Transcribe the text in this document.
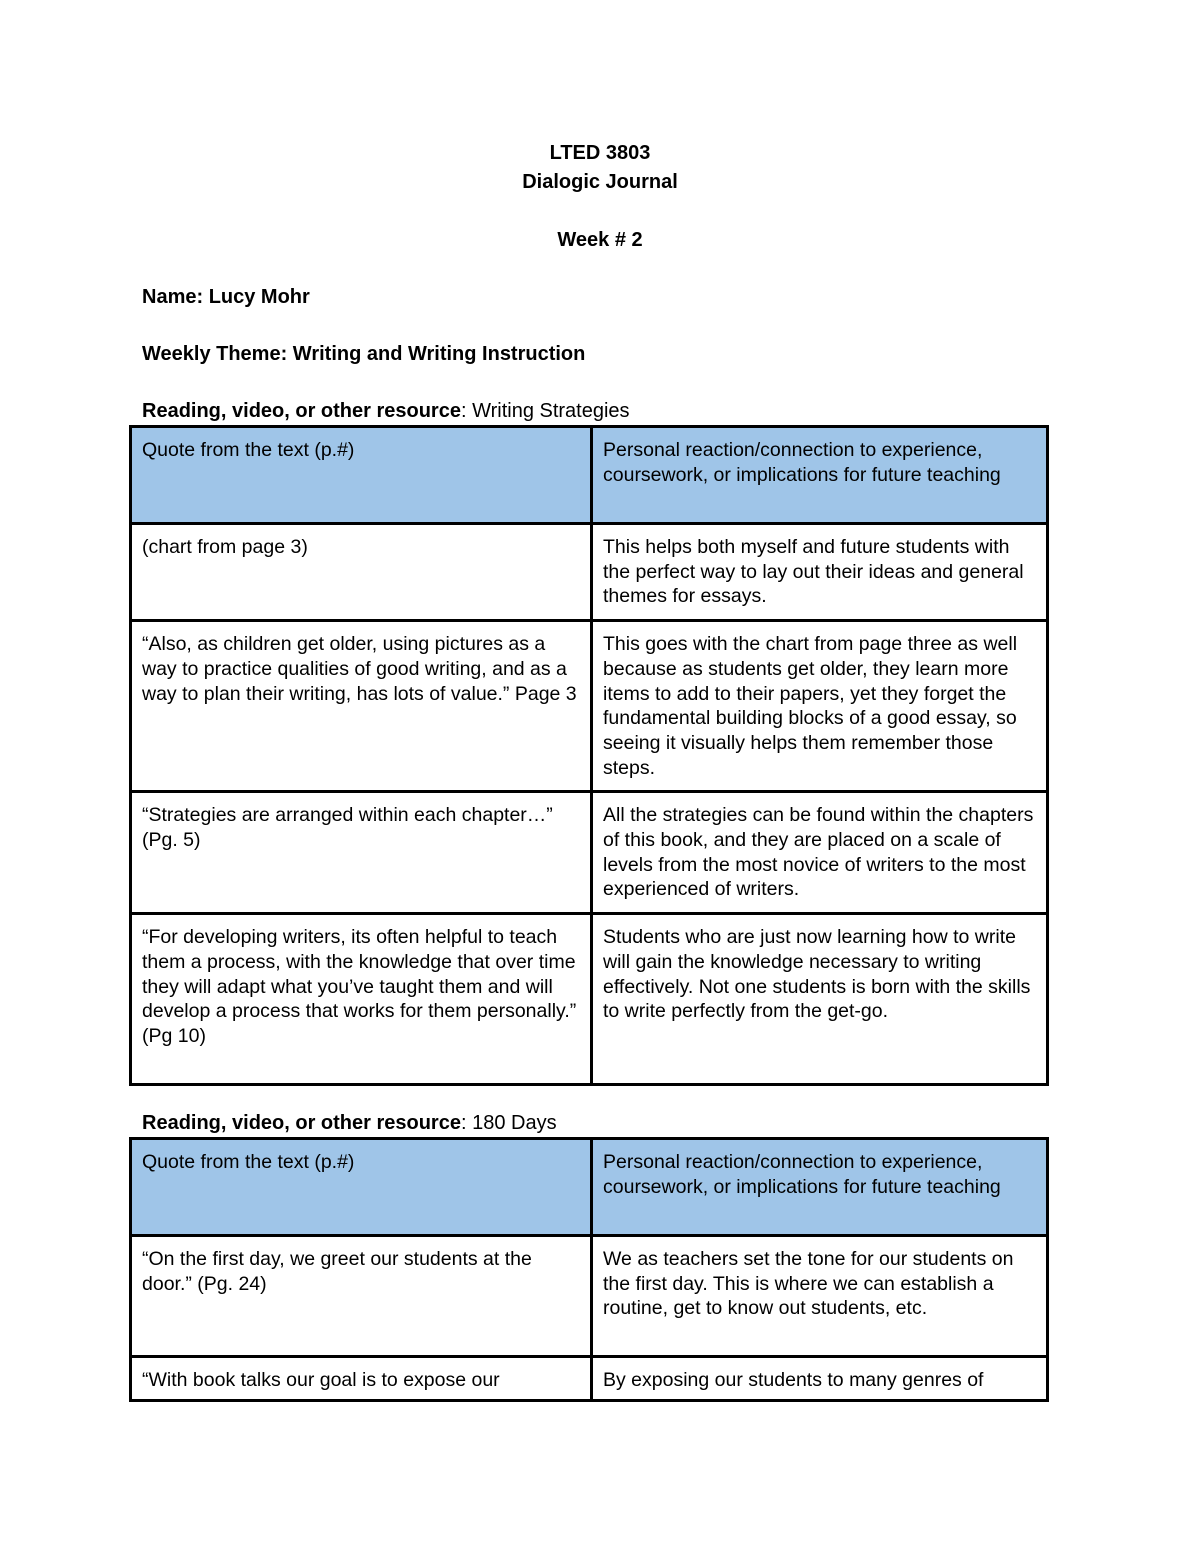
LTED 3803
Dialogic Journal
Week # 2
Name: Lucy Mohr
Weekly Theme: Writing and Writing Instruction
Reading, video, or other resource: Writing Strategies
Quote from the text (p.#)	Personal reaction/connection to experience, coursework, or implications for future teaching
(chart from page 3)	This helps both myself and future students with the perfect way to lay out their ideas and general themes for essays.
“Also, as children get older, using pictures as a way to practice qualities of good writing, and as a way to plan their writing, has lots of value.” Page 3	This goes with the chart from page three as well because as students get older, they learn more items to add to their papers, yet they forget the fundamental building blocks of a good essay, so seeing it visually helps them remember those steps.
“Strategies are arranged within each chapter…” (Pg. 5)	All the strategies can be found within the chapters of this book, and they are placed on a scale of levels from the most novice of writers to the most experienced of writers.
“For developing writers, its often helpful to teach them a process, with the knowledge that over time they will adapt what you’ve taught them and will develop a process that works for them personally.” (Pg 10)	Students who are just now learning how to write will gain the knowledge necessary to writing effectively. Not one students is born with the skills to write perfectly from the get-go.
Reading, video, or other resource: 180 Days
Quote from the text (p.#)	Personal reaction/connection to experience, coursework, or implications for future teaching
“On the first day, we greet our students at the door.” (Pg. 24)	We as teachers set the tone for our students on the first day. This is where we can establish a routine, get to know out students, etc.
“With book talks our goal is to expose our	By exposing our students to many genres of
